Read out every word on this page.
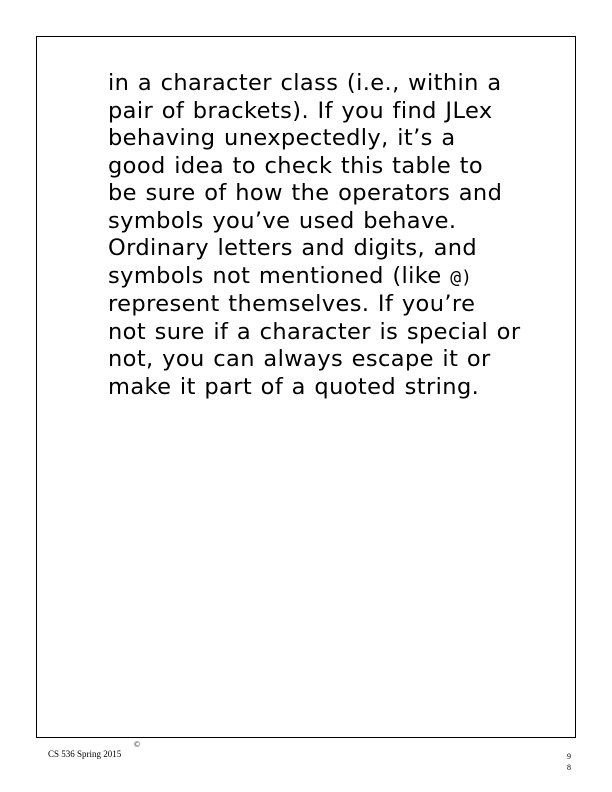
in a character class (i.e., within a
pair of brackets). If you find JLex
behaving unexpectedly, it’s a
good idea to check this table to
be sure of how the operators and
symbols you’ve used behave.
Ordinary letters and digits, and
symbols not mentioned (like @)
represent themselves. If you’re
not sure if a character is special or
not, you can always escape it or
make it part of a quoted string.

CS 536 Spring 2015
©
9
8
